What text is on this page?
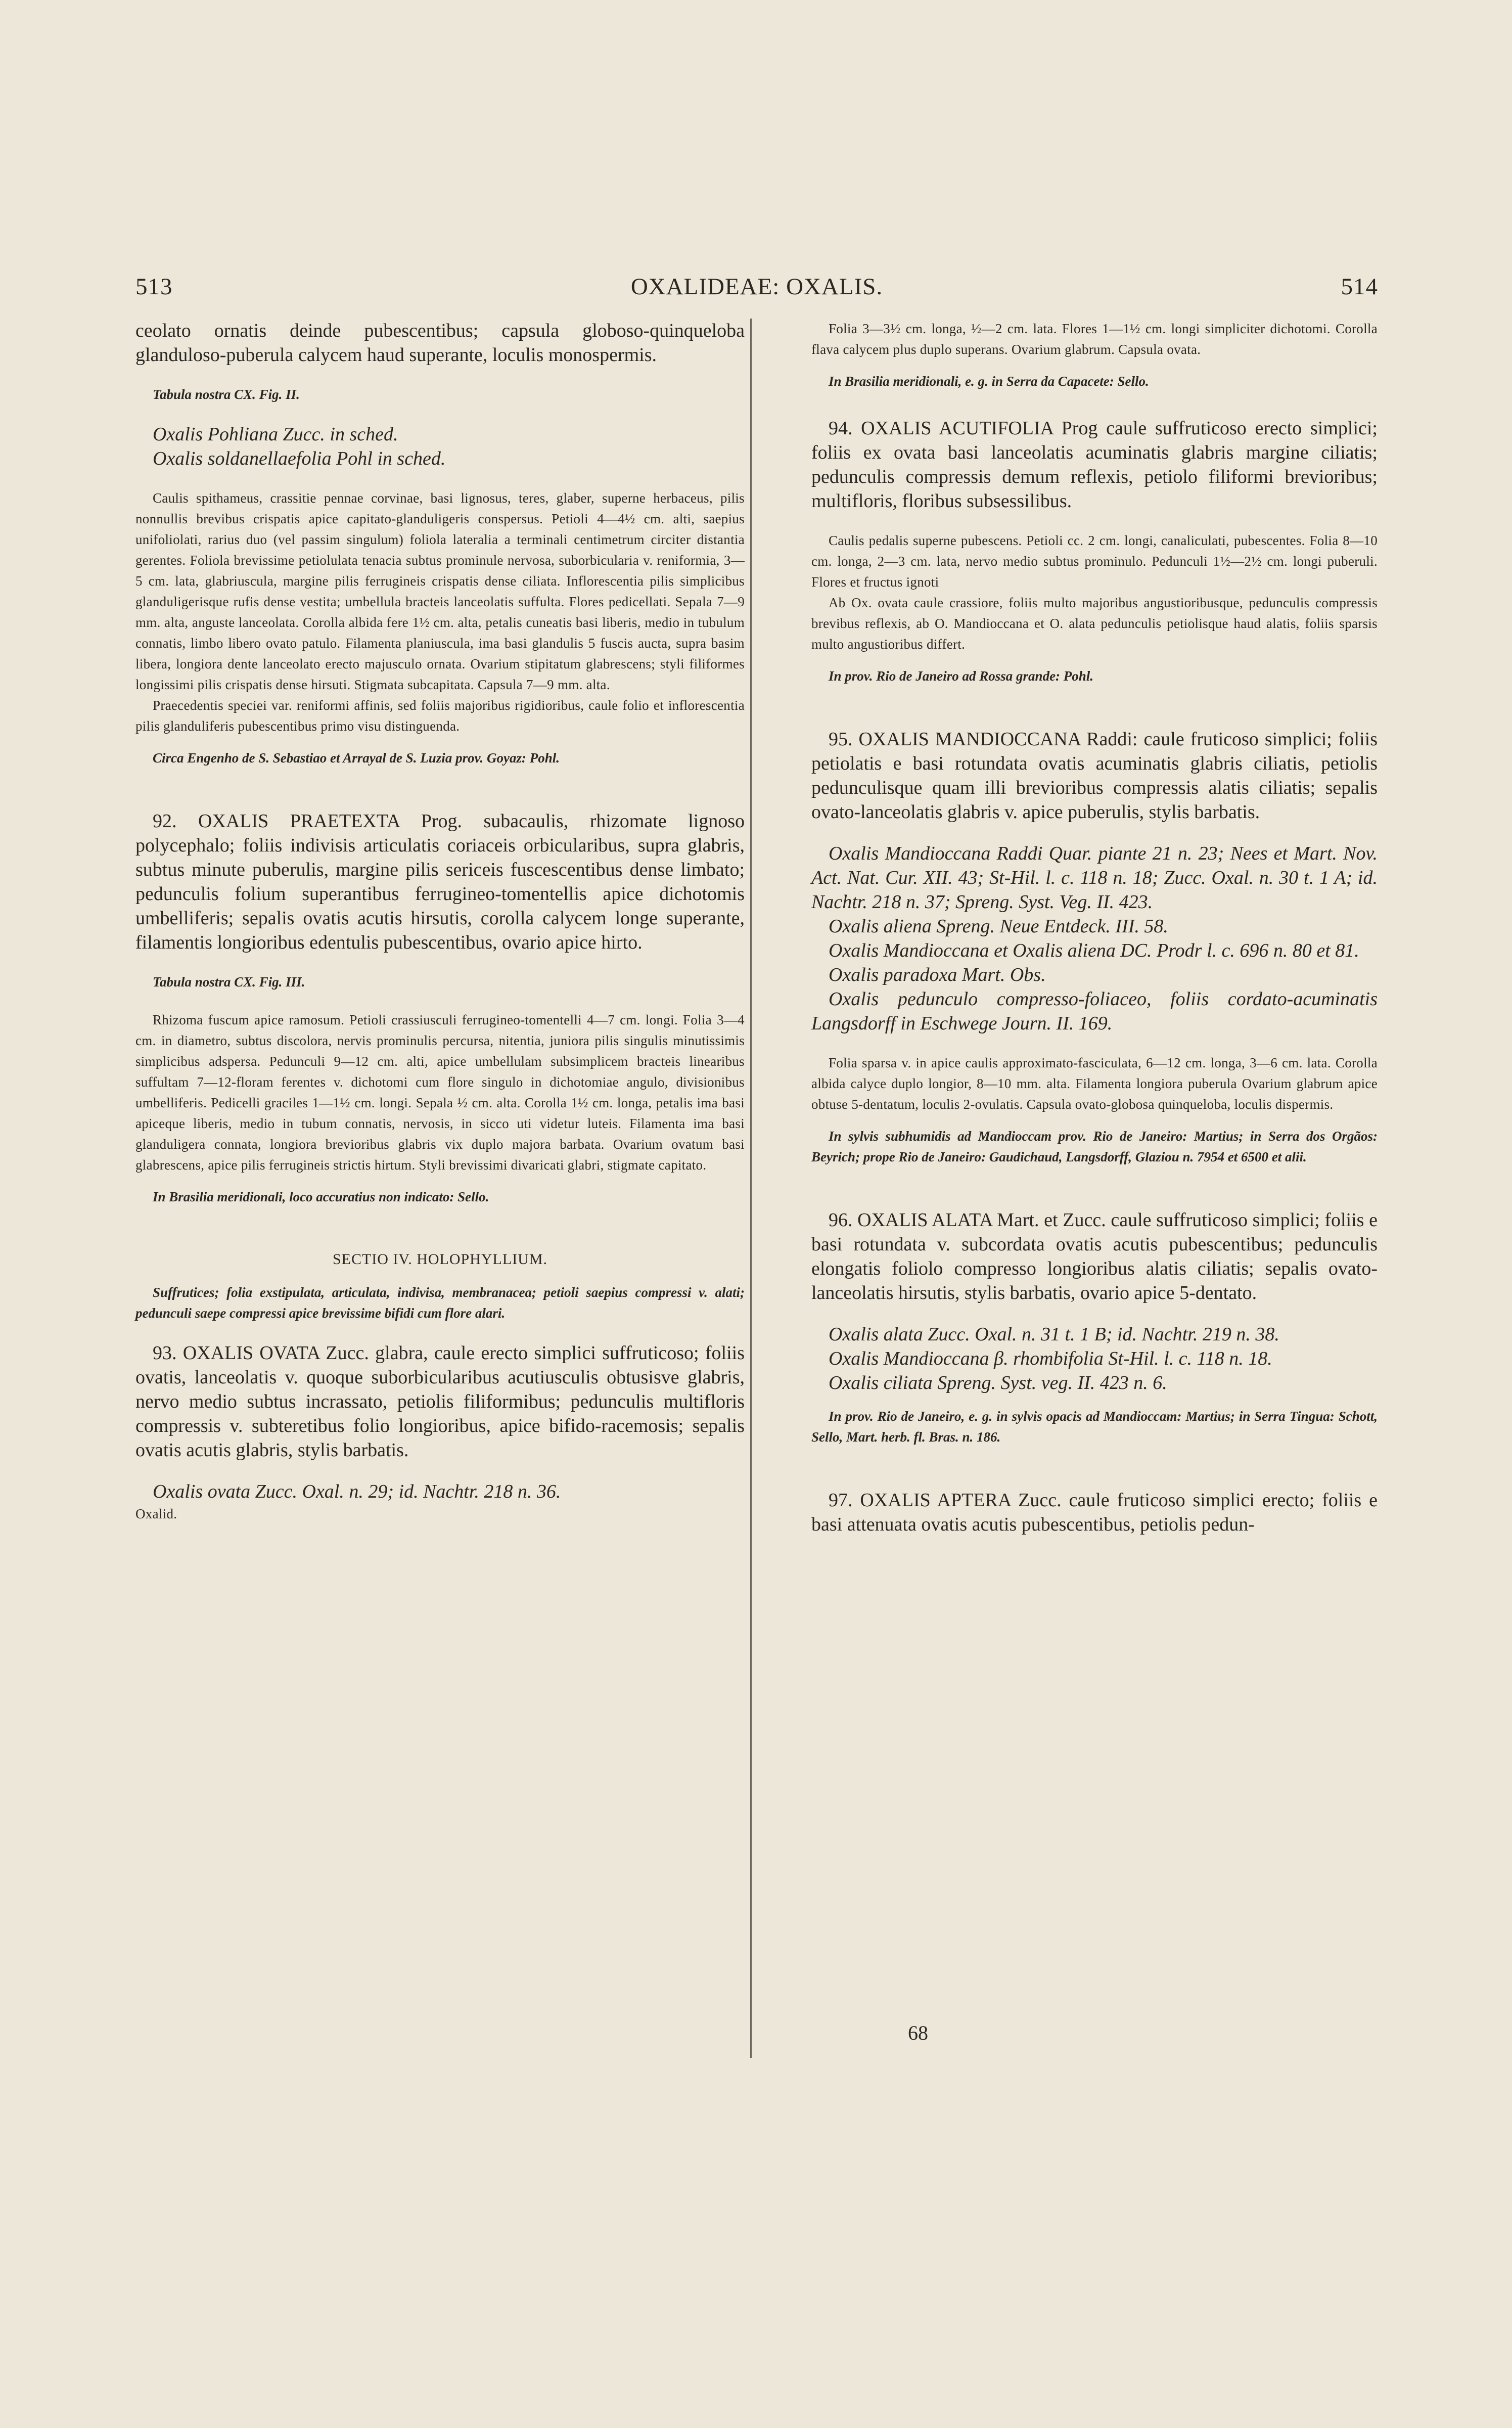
513	OXALIDEAE: OXALIS.	514

ceolato ornatis deinde pubescentibus; capsula globoso-quinqueloba glanduloso-puberula calycem haud superante, loculis monospermis.

Tabula nostra CX. Fig. II.

Oxalis Pohliana Zucc. in sched.

Oxalis soldanellaefolia Pohl in sched.

Caulis spithameus, crassitie pennae corvinae, basi lignosus, teres, glaber, superne herbaceus, pilis nonnullis brevibus crispatis apice capitato-glanduligeris conspersus. Petioli 4—4½ cm. alti, saepius unifoliolati, rarius duo (vel passim singulum) foliola lateralia a terminali centimetrum circiter distantia gerentes. Foliola brevissime petiolulata tenacia subtus prominule nervosa, suborbicularia v. reniformia, 3—5 cm. lata, glabriuscula, margine pilis ferrugineis crispatis dense ciliata. Inflorescentia pilis simplicibus glanduligerisque rufis dense vestita; umbellula bracteis lanceolatis suffulta. Flores pedicellati. Sepala 7—9 mm. alta, anguste lanceolata. Corolla albida fere 1½ cm. alta, petalis cuneatis basi liberis, medio in tubulum connatis, limbo libero ovato patulo. Filamenta planiuscula, ima basi glandulis 5 fuscis aucta, supra basim libera, longiora dente lanceolato erecto majusculo ornata. Ovarium stipitatum glabrescens; styli filiformes longissimi pilis crispatis dense hirsuti. Stigmata subcapitata. Capsula 7—9 mm. alta.

Praecedentis speciei var. reniformi affinis, sed foliis majoribus rigidioribus, caule folio et inflorescentia pilis glanduliferis pubescentibus primo visu distinguenda.

Circa Engenho de S. Sebastiao et Arrayal de S. Luzia prov. Goyaz: Pohl.

92. OXALIS PRAETEXTA Prog. subacaulis, rhizomate lignoso polycephalo; foliis indivisis articulatis coriaceis orbicularibus, supra glabris, subtus minute puberulis, margine pilis sericeis fuscescentibus dense limbato; pedunculis folium superantibus ferrugineo-tomentellis apice dichotomis umbelliferis; sepalis ovatis acutis hirsutis, corolla calycem longe superante, filamentis longioribus edentulis pubescentibus, ovario apice hirto.

Tabula nostra CX. Fig. III.

Rhizoma fuscum apice ramosum. Petioli crassiusculi ferrugineo-tomentelli 4—7 cm. longi. Folia 3—4 cm. in diametro, subtus discolora, nervis prominulis percursa, nitentia, juniora pilis singulis minutissimis simplicibus adspersa. Pedunculi 9—12 cm. alti, apice umbellulam subsimplicem bracteis linearibus suffultam 7—12-floram ferentes v. dichotomi cum flore singulo in dichotomiae angulo, divisionibus umbelliferis. Pedicelli graciles 1—1½ cm. longi. Sepala ½ cm. alta. Corolla 1½ cm. longa, petalis ima basi apiceque liberis, medio in tubum connatis, nervosis, in sicco uti videtur luteis. Filamenta ima basi glanduligera connata, longiora brevioribus glabris vix duplo majora barbata. Ovarium ovatum basi glabrescens, apice pilis ferrugineis strictis hirtum. Styli brevissimi divaricati glabri, stigmate capitato.

In Brasilia meridionali, loco accuratius non indicato: Sello.

SECTIO IV. HOLOPHYLLIUM.

Suffrutices; folia exstipulata, articulata, indivisa, membranacea; petioli saepius compressi v. alati; pedunculi saepe compressi apice brevissime bifidi cum flore alari.

93. OXALIS OVATA Zucc. glabra, caule erecto simplici suffruticoso; foliis ovatis, lanceolatis v. quoque suborbicularibus acutiusculis obtusisve glabris, nervo medio subtus incrassato, petiolis filiformibus; pedunculis multifloris compressis v. subteretibus folio longioribus, apice bifido-racemosis; sepalis ovatis acutis glabris, stylis barbatis.

Oxalis ovata Zucc. Oxal. n. 29; id. Nachtr. 218 n. 36.

Oxalid.

Folia 3—3½ cm. longa, ½—2 cm. lata. Flores 1—1½ cm. longi simpliciter dichotomi. Corolla flava calycem plus duplo superans. Ovarium glabrum. Capsula ovata.

In Brasilia meridionali, e. g. in Serra da Capacete: Sello.

94. OXALIS ACUTIFOLIA Prog caule suffruticoso erecto simplici; foliis ex ovata basi lanceolatis acuminatis glabris margine ciliatis; pedunculis compressis demum reflexis, petiolo filiformi brevioribus; multifloris, floribus subsessilibus.

Caulis pedalis superne pubescens. Petioli cc. 2 cm. longi, canaliculati, pubescentes. Folia 8—10 cm. longa, 2—3 cm. lata, nervo medio subtus prominulo. Pedunculi 1½—2½ cm. longi puberuli. Flores et fructus ignoti

Ab Ox. ovata caule crassiore, foliis multo majoribus angustioribusque, pedunculis compressis brevibus reflexis, ab O. Mandioccana et O. alata pedunculis petiolisque haud alatis, foliis sparsis multo angustioribus differt.

In prov. Rio de Janeiro ad Rossa grande: Pohl.

95. OXALIS MANDIOCCANA Raddi: caule fruticoso simplici; foliis petiolatis e basi rotundata ovatis acuminatis glabris ciliatis, petiolis pedunculisque quam illi brevioribus compressis alatis ciliatis; sepalis ovato-lanceolatis glabris v. apice puberulis, stylis barbatis.

Oxalis Mandioccana Raddi Quar. piante 21 n. 23; Nees et Mart. Nov. Act. Nat. Cur. XII. 43; St-Hil. l. c. 118 n. 18; Zucc. Oxal. n. 30 t. 1 A; id. Nachtr. 218 n. 37; Spreng. Syst. Veg. II. 423.

Oxalis aliena Spreng. Neue Entdeck. III. 58.

Oxalis Mandioccana et Oxalis aliena DC. Prodr l. c. 696 n. 80 et 81.

Oxalis paradoxa Mart. Obs.

Oxalis pedunculo compresso-foliaceo, foliis cordato-acuminatis Langsdorff in Eschwege Journ. II. 169.

Folia sparsa v. in apice caulis approximato-fasciculata, 6—12 cm. longa, 3—6 cm. lata. Corolla albida calyce duplo longior, 8—10 mm. alta. Filamenta longiora puberula Ovarium glabrum apice obtuse 5-dentatum, loculis 2-ovulatis. Capsula ovato-globosa quinqueloba, loculis dispermis.

In sylvis subhumidis ad Mandioccam prov. Rio de Janeiro: Martius; in Serra dos Orgãos: Beyrich; prope Rio de Janeiro: Gaudichaud, Langsdorff, Glaziou n. 7954 et 6500 et alii.

96. OXALIS ALATA Mart. et Zucc. caule suffruticoso simplici; foliis e basi rotundata v. subcordata ovatis acutis pubescentibus; pedunculis elongatis foliolo compresso longioribus alatis ciliatis; sepalis ovato-lanceolatis hirsutis, stylis barbatis, ovario apice 5-dentato.

Oxalis alata Zucc. Oxal. n. 31 t. 1 B; id. Nachtr. 219 n. 38.

Oxalis Mandioccana β. rhombifolia St-Hil. l. c. 118 n. 18.

Oxalis ciliata Spreng. Syst. veg. II. 423 n. 6.

In prov. Rio de Janeiro, e. g. in sylvis opacis ad Mandioccam: Martius; in Serra Tingua: Schott, Sello, Mart. herb. fl. Bras. n. 186.

97. OXALIS APTERA Zucc. caule fruticoso simplici erecto; foliis e basi attenuata ovatis acutis pubescentibus, petiolis pedun-

68
